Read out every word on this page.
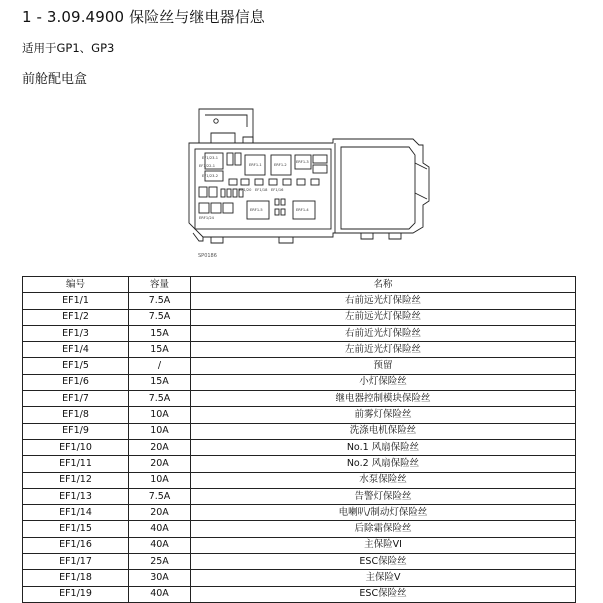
1 - 3.09.4900 保险丝与继电器信息
适用于GP1、GP3
前舱配电盒
EF1/23-1
EF1/23-2
EF1/22-1	ERF1-1	ERF1-2
ERF1-3
EF1/20 EF1/18 EF1/16
ERF1-5	ERF1-4
ERF1/24
SP0186
编号	容量	名称
EF1/1	7.5A	右前远光灯保险丝
EF1/2	7.5A	左前远光灯保险丝
EF1/3	15A	右前近光灯保险丝
EF1/4	15A	左前近光灯保险丝
EF1/5	/	预留
EF1/6	15A	小灯保险丝
EF1/7	7.5A	继电器控制模块保险丝
EF1/8	10A	前雾灯保险丝
EF1/9	10A	洗涤电机保险丝
EF1/10	20A	No.1 风扇保险丝
EF1/11	20A	No.2 风扇保险丝
EF1/12	10A	水泵保险丝
EF1/13	7.5A	告警灯保险丝
EF1/14	20A	电喇叭/制动灯保险丝
EF1/15	40A	后除霜保险丝
EF1/16	40A	主保险VI
EF1/17	25A	ESC保险丝
EF1/18	30A	主保险V
EF1/19	40A	ESC保险丝
